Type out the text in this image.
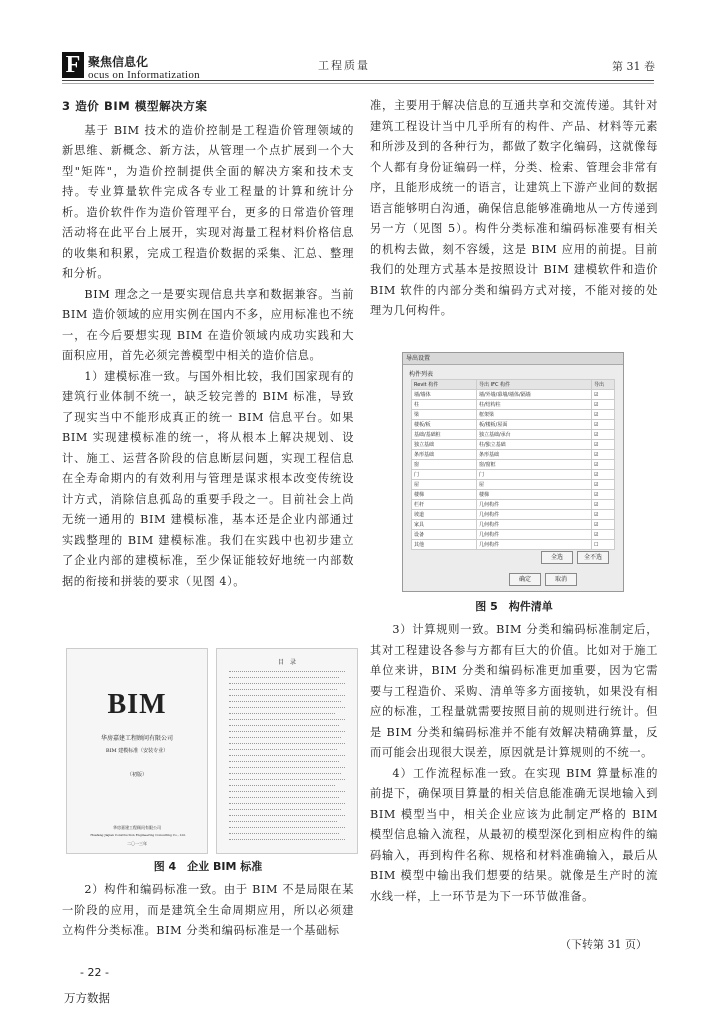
F 聚焦信息化
ocus on Informatization
工程质量	第 31 卷

3 造价 BIM 模型解决方案

基于 BIM 技术的造价控制是工程造价管理领域的新思维、新概念、新方法，从管理一个点扩展到一个大型"矩阵"，为造价控制提供全面的解决方案和技术支持。专业算量软件完成各专业工程量的计算和统计分析。造价软件作为造价管理平台，更多的日常造价管理活动将在此平台上展开，实现对海量工程材料价格信息的收集和积累，完成工程造价数据的采集、汇总、整理和分析。

BIM 理念之一是要实现信息共享和数据兼容。当前 BIM 造价领域的应用实例在国内不多，应用标准也不统一，在今后要想实现 BIM 在造价领域内成功实践和大面积应用，首先必须完善模型中相关的造价信息。

1）建模标准一致。与国外相比较，我们国家现有的建筑行业体制不统一，缺乏较完善的 BIM 标准，导致了现实当中不能形成真正的统一 BIM 信息平台。如果 BIM 实现建模标准的统一，将从根本上解决规划、设计、施工、运营各阶段的信息断层问题，实现工程信息在全寿命期内的有效利用与管理是谋求根本改变传统设计方式，消除信息孤岛的重要手段之一。目前社会上尚无统一通用的 BIM 建模标准，基本还是企业内部通过实践整理的 BIM 建模标准。我们在实践中也初步建立了企业内部的建模标准，至少保证能较好地统一内部数据的衔接和拼装的要求（见图 4）。

BIM
华房嘉建工程顾问有限公司
BIM 建模标准（安装专业）
（初版）
华房嘉建工程顾问有限公司
Huafang Jiajian Construction Engineering Consulting Co., Ltd.
二〇一三年
目　录
图 4　企业 BIM 标准

2）构件和编码标准一致。由于 BIM 不是局限在某一阶段的应用，而是建筑全生命周期应用，所以必须建立构件分类标准。BIM 分类和编码标准是一个基础标

准，主要用于解决信息的互通共享和交流传递。其针对建筑工程设计当中几乎所有的构件、产品、材料等元素和所涉及到的各种行为，都做了数字化编码，这就像每个人都有身份证编码一样，分类、检索、管理会非常有序，且能形成统一的语言，让建筑上下游产业间的数据语言能够明白沟通，确保信息能够准确地从一方传递到另一方（见图 5）。构件分类标准和编码标准要有相关的机构去做，刻不容缓，这是 BIM 应用的前提。目前我们的处理方式基本是按照设计 BIM 建模软件和造价 BIM 软件的内部分类和编码方式对接，不能对接的处理为几何构件。

导出设置
构件列表
Revit 构件	导出 IFC 构件	导出
墙/墙体	墙/外墙/幕墙/墙体/隔墙	☑
柱	柱/结构柱	☑
梁	框架梁	☑
楼板/板	板/楼板/屋面	☑
基础/基础桩	独立基础/承台	☑
独立基础	柱/独立基础	☑
条形基础	条形基础	☑
窗	窗/窗框	☑
门	门	☑
屋	屋	☑
楼梯	楼梯	☑
栏杆	几何构件	☑
坡道	几何构件	☑
家具	几何构件	☑
设备	几何构件	☑
其他	几何构件	☐
全选	全不选
确定	取消
图 5　构件清单

3）计算规则一致。BIM 分类和编码标准制定后，其对工程建设各参与方都有巨大的价值。比如对于施工单位来讲，BIM 分类和编码标准更加重要，因为它需要与工程造价、采购、清单等多方面接轨，如果没有相应的标准，工程量就需要按照目前的规则进行统计。但是 BIM 分类和编码标准并不能有效解决精确算量，反而可能会出现很大误差，原因就是计算规则的不统一。

4）工作流程标准一致。在实现 BIM 算量标准的前提下，确保项目算量的相关信息能准确无误地输入到 BIM 模型当中，相关企业应该为此制定严格的 BIM 模型信息输入流程，从最初的模型深化到相应构件的编码输入，再到构件名称、规格和材料准确输入，最后从 BIM 模型中输出我们想要的结果。就像是生产时的流水线一样，上一环节是为下一环节做准备。

（下转第 31 页）
- 22 -
万方数据
